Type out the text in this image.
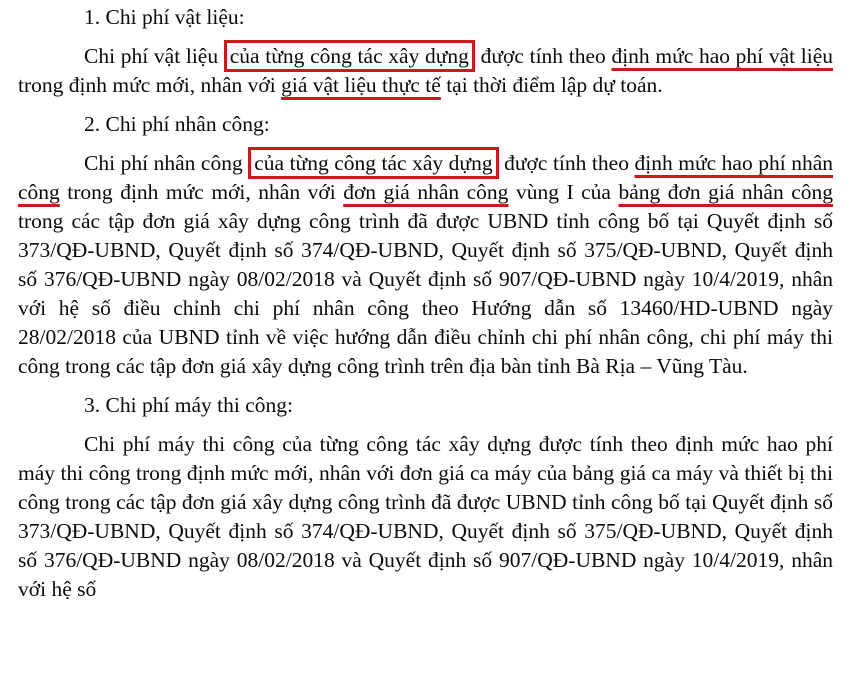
1. Chi phí vật liệu:

Chi phí vật liệu của từng công tác xây dựng được tính theo định mức hao phí vật liệu trong định mức mới, nhân với giá vật liệu thực tế tại thời điểm lập dự toán.

2. Chi phí nhân công:

Chi phí nhân công của từng công tác xây dựng được tính theo định mức hao phí nhân công trong định mức mới, nhân với đơn giá nhân công vùng I của bảng đơn giá nhân công trong các tập đơn giá xây dựng công trình đã được UBND tỉnh công bố tại Quyết định số 373/QĐ-UBND, Quyết định số 374/QĐ-UBND, Quyết định số 375/QĐ-UBND, Quyết định số 376/QĐ-UBND ngày 08/02/2018 và Quyết định số 907/QĐ-UBND ngày 10/4/2019, nhân với hệ số điều chỉnh chi phí nhân công theo Hướng dẫn số 13460/HD-UBND ngày 28/02/2018 của UBND tỉnh về việc hướng dẫn điều chỉnh chi phí nhân công, chi phí máy thi công trong các tập đơn giá xây dựng công trình trên địa bàn tỉnh Bà Rịa – Vũng Tàu.

3. Chi phí máy thi công:

Chi phí máy thi công của từng công tác xây dựng được tính theo định mức hao phí máy thi công trong định mức mới, nhân với đơn giá ca máy của bảng giá ca máy và thiết bị thi công trong các tập đơn giá xây dựng công trình đã được UBND tỉnh công bố tại Quyết định số 373/QĐ-UBND, Quyết định số 374/QĐ-UBND, Quyết định số 375/QĐ-UBND, Quyết định số 376/QĐ-UBND ngày 08/02/2018 và Quyết định số 907/QĐ-UBND ngày 10/4/2019, nhân với hệ số
